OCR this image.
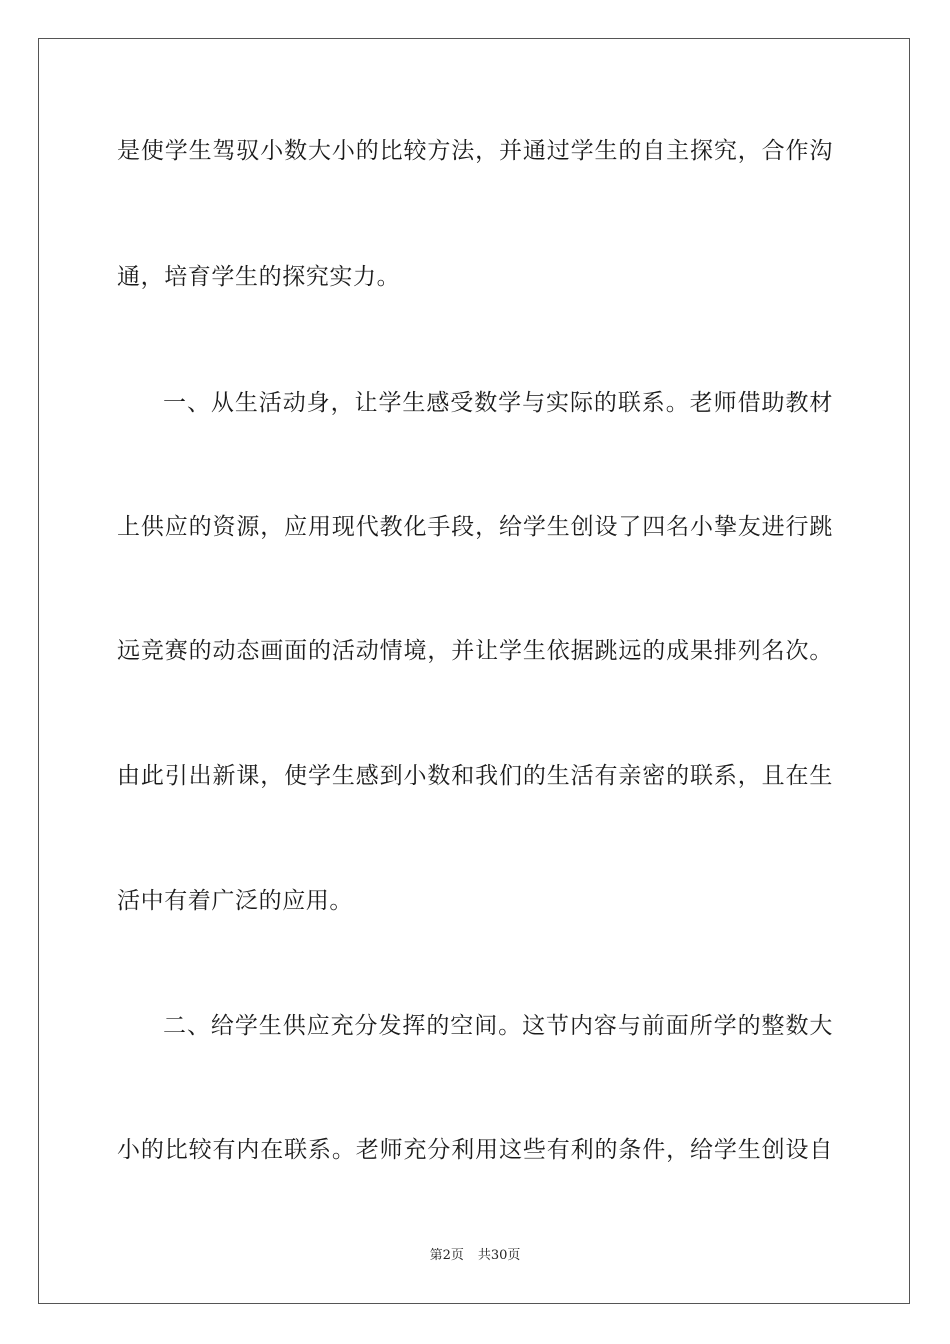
是使学生驾驭小数大小的比较方法，并通过学生的自主探究，合作沟
通，培育学生的探究实力。
一、从生活动身，让学生感受数学与实际的联系。老师借助教材
上供应的资源，应用现代教化手段，给学生创设了四名小挚友进行跳
远竞赛的动态画面的活动情境，并让学生依据跳远的成果排列名次。
由此引出新课，使学生感到小数和我们的生活有亲密的联系，且在生
活中有着广泛的应用。
二、给学生供应充分发挥的空间。这节内容与前面所学的整数大
小的比较有内在联系。老师充分利用这些有利的条件，给学生创设自
第2页 共30页
